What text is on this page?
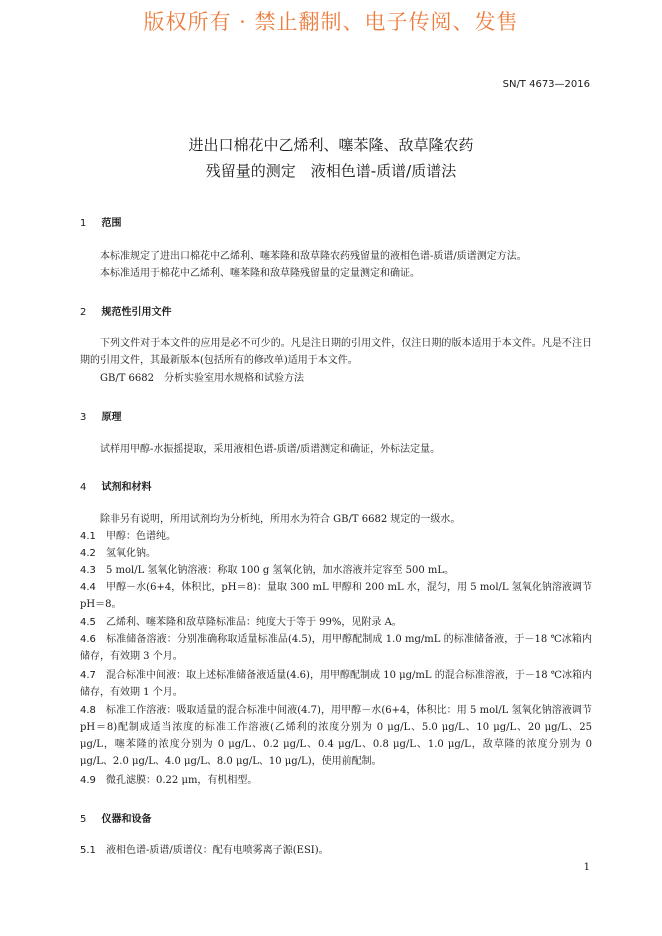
版权所有 · 禁止翻制、电子传阅、发售
SN/T 4673—2016
进出口棉花中乙烯利、噻苯隆、敌草隆农药
残留量的测定　液相色谱-质谱/质谱法
1 范围
本标准规定了进出口棉花中乙烯利、噻苯隆和敌草隆农药残留量的液相色谱-质谱/质谱测定方法。
本标准适用于棉花中乙烯利、噻苯隆和敌草隆残留量的定量测定和确证。
2 规范性引用文件
下列文件对于本文件的应用是必不可少的。凡是注日期的引用文件，仅注日期的版本适用于本文件。凡是不注日期的引用文件，其最新版本(包括所有的修改单)适用于本文件。
GB/T 6682　分析实验室用水规格和试验方法
3 原理
试样用甲醇-水振摇提取，采用液相色谱-质谱/质谱测定和确证，外标法定量。
4 试剂和材料
除非另有说明，所用试剂均为分析纯，所用水为符合 GB/T 6682 规定的一级水。
4.1 甲醇：色谱纯。
4.2 氢氧化钠。
4.3 5 mol/L 氢氧化钠溶液：称取 100 g 氢氧化钠，加水溶液并定容至 500 mL。
4.4 甲醇－水(6+4，体积比，pH＝8)：量取 300 mL 甲醇和 200 mL 水，混匀，用 5 mol/L 氢氧化钠溶液调节 pH＝8。
4.5 乙烯利、噻苯隆和敌草隆标准品：纯度大于等于 99%，见附录 A。
4.6 标准储备溶液：分别准确称取适量标准品(4.5)，用甲醇配制成 1.0 mg/mL 的标准储备液，于－18 ℃冰箱内储存，有效期 3 个月。
4.7 混合标准中间液：取上述标准储备液适量(4.6)，用甲醇配制成 10 μg/mL 的混合标准溶液，于－18 ℃冰箱内储存，有效期 1 个月。
4.8 标准工作溶液：吸取适量的混合标准中间液(4.7)，用甲醇－水(6+4，体积比：用 5 mol/L 氢氧化钠溶液调节 pH＝8)配制成适当浓度的标准工作溶液(乙烯利的浓度分别为 0 μg/L、5.0 μg/L、10 μg/L、20 μg/L、25 μg/L，噻苯隆的浓度分别为 0 μg/L、0.2 μg/L、0.4 μg/L、0.8 μg/L、1.0 μg/L，敌草隆的浓度分别为 0 μg/L、2.0 μg/L、4.0 μg/L、8.0 μg/L、10 μg/L)，使用前配制。
4.9 微孔滤膜：0.22 μm，有机相型。
5 仪器和设备
5.1 液相色谱-质谱/质谱仪：配有电喷雾离子源(ESI)。
1
